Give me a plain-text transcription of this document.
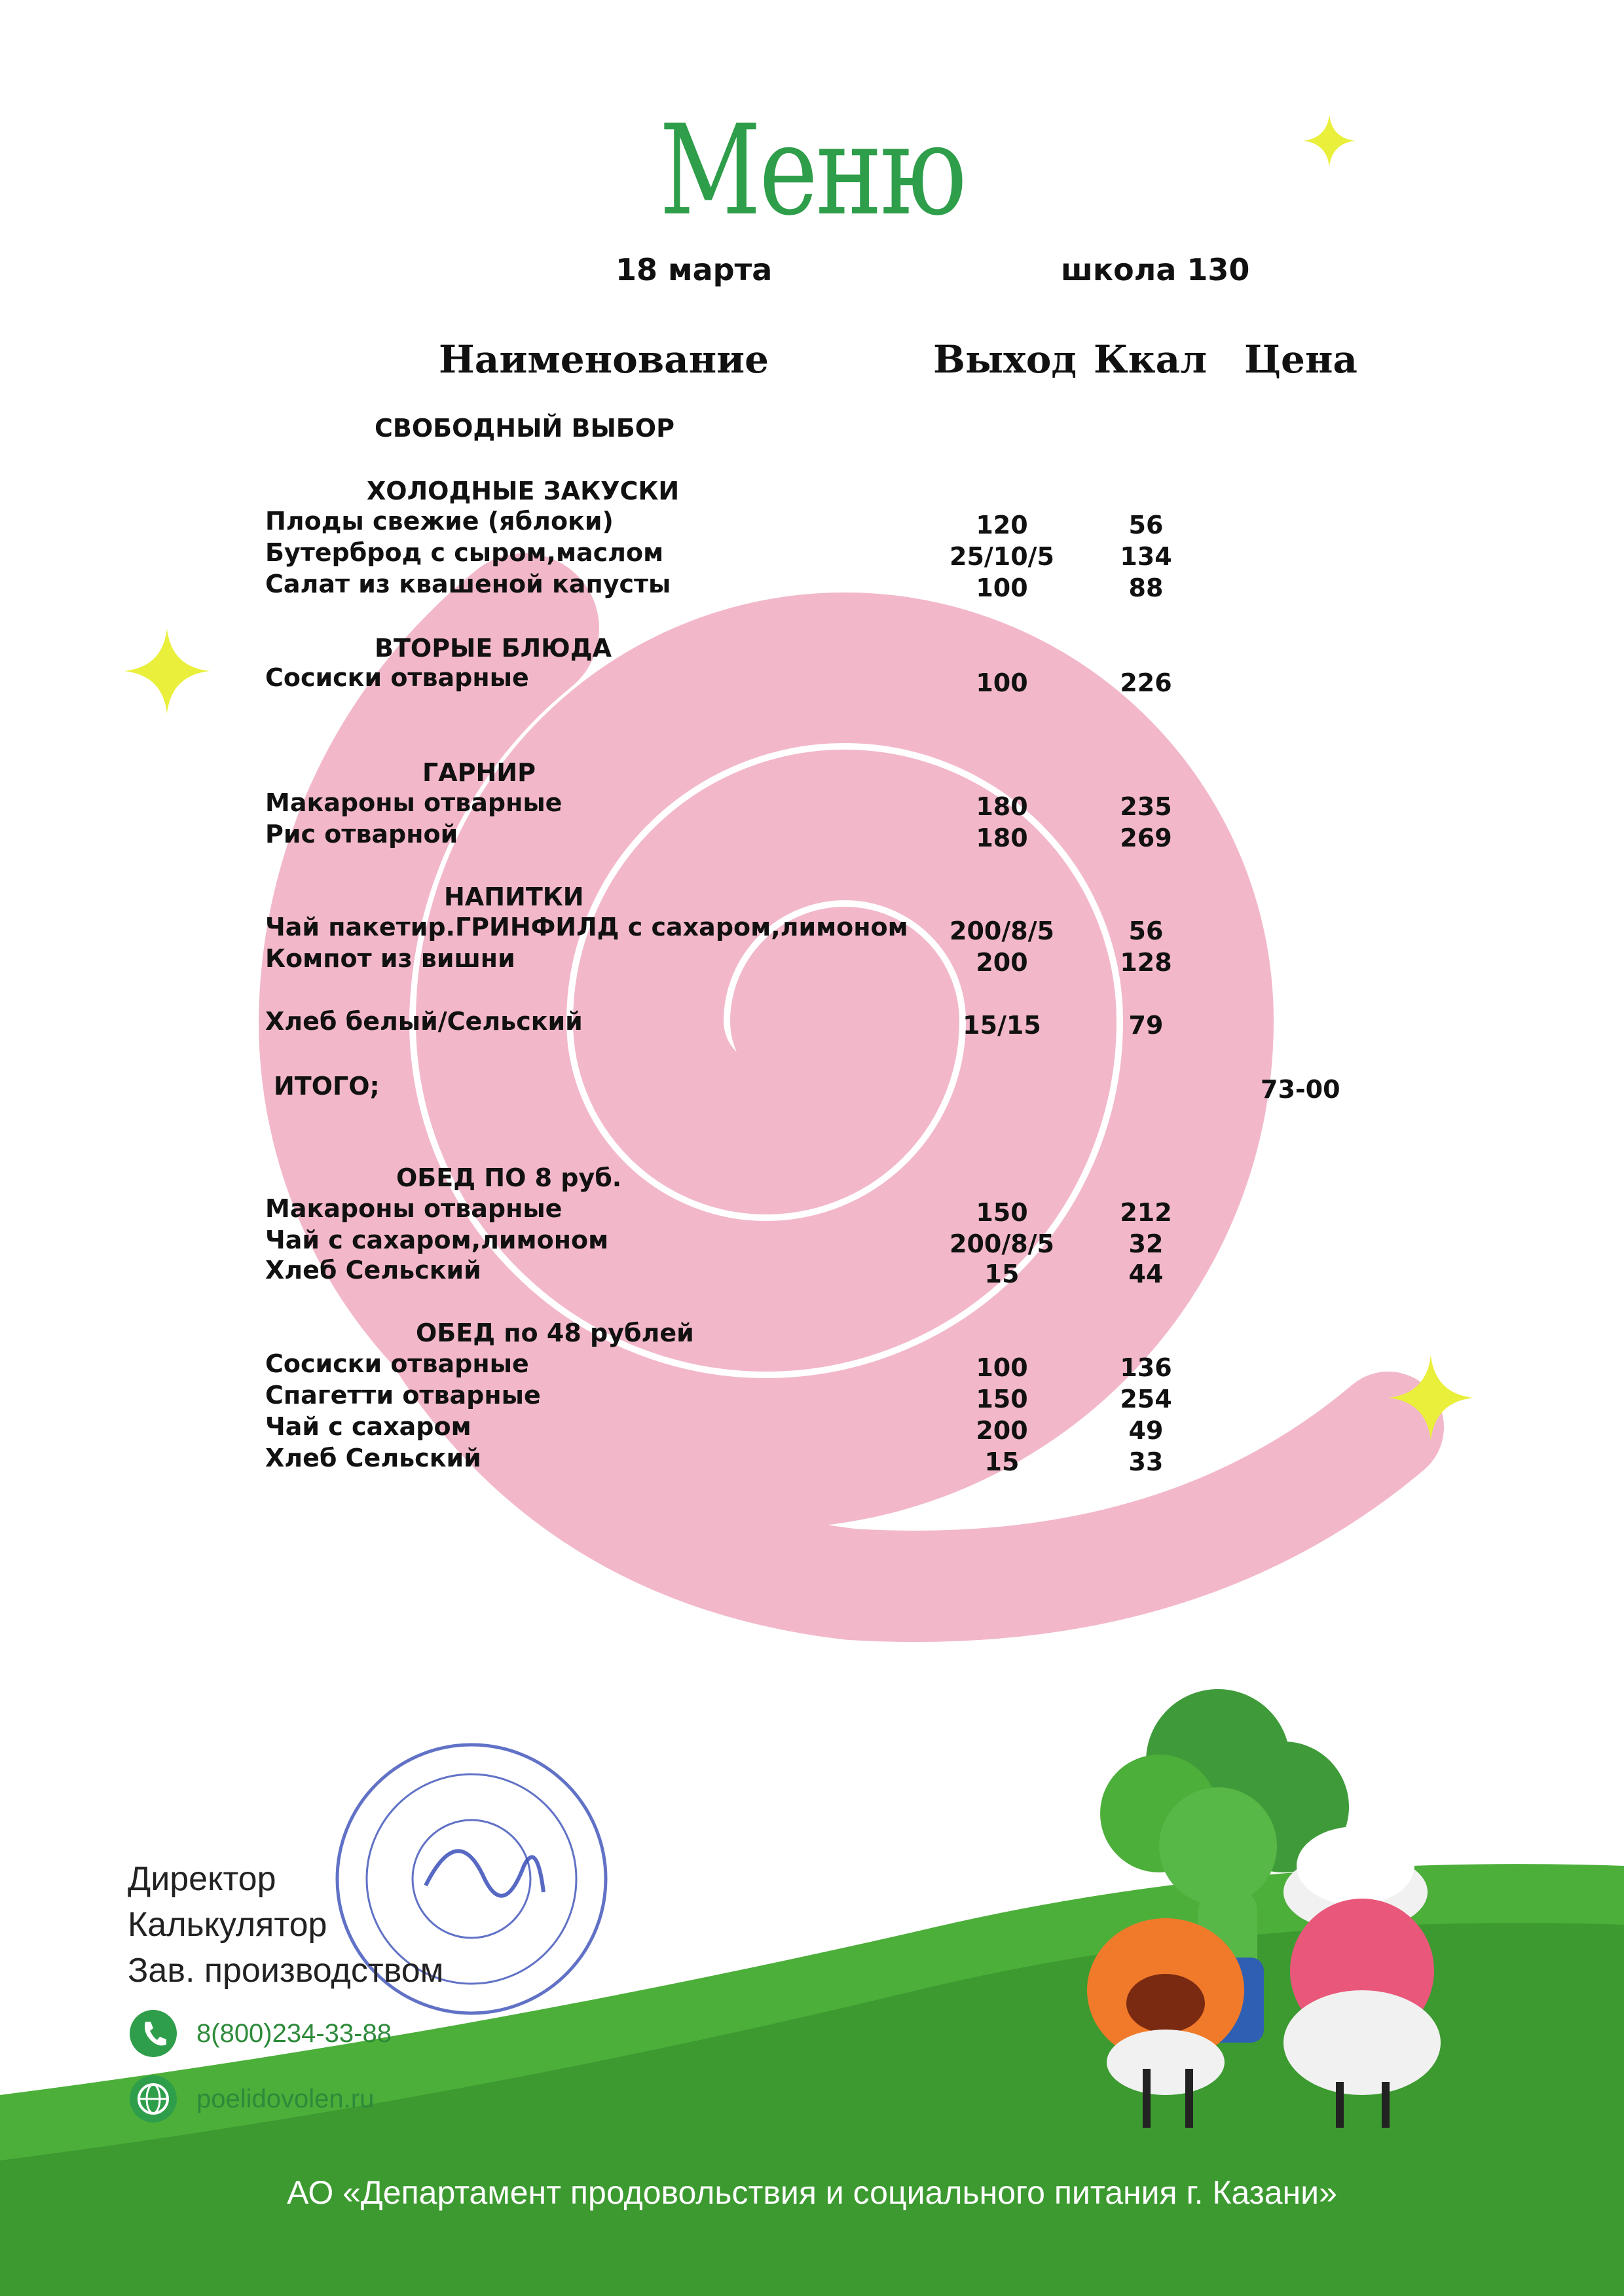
Меню
18 марта	школа 130
Наименование	Выход Ккал Цена
СВОБОДНЫЙ ВЫБОР
ХОЛОДНЫЕ ЗАКУСКИ
ВТОРЫЕ БЛЮДА
ГАРНИР
НАПИТКИ
ОБЕД ПО 8 руб.
ОБЕД по 48 рублей
Плоды свежие (яблоки)	120	56
Бутерброд с сыром,маслом	25/10/5	134
Салат из квашеной капусты	100	88
Сосиски отварные	100	226
Макароны отварные	180	235
Рис отварной	180	269
Чай пакетир.ГРИНФИЛД с сахаром,лимоном	200/8/5	56
Компот из вишни	200	128
Хлеб белый/Сельский	15/15	79
ИТОГО;	73-00
Макароны отварные	150	212
Чай с сахаром,лимоном	200/8/5	32
Хлеб Сельский	15	44
Сосиски отварные	100	136
Спагетти отварные	150	254
Чай с сахаром	200	49
Хлеб Сельский	15	33
Директор
Калькулятор
Зав. производством
8(800)234-33-88
poelidovolen.ru
АО «Департамент продовольствия и социального питания г. Казани»
